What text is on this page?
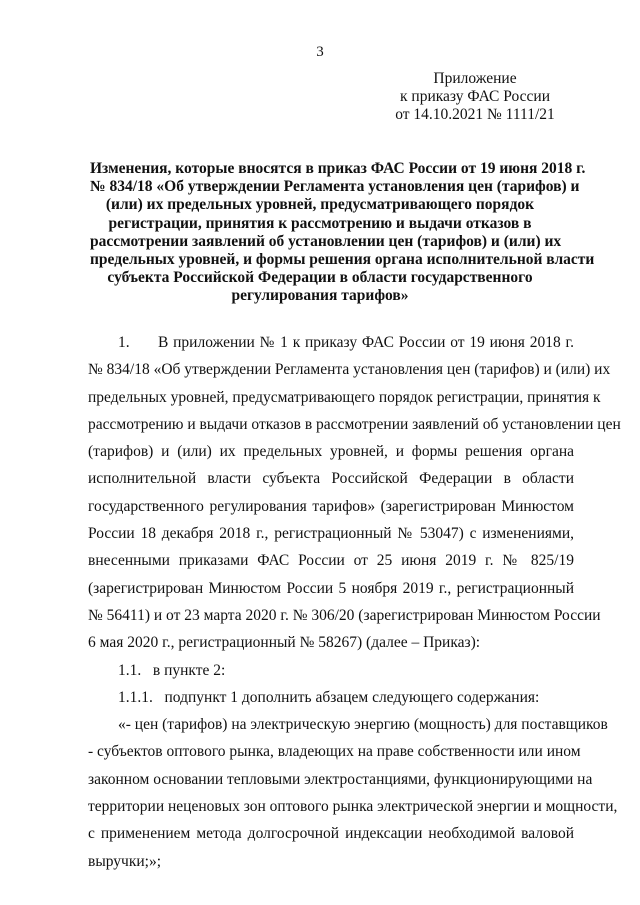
3
Приложение
к приказу ФАС России
от 14.10.2021 № 1111/21
Изменения, которые вносятся в приказ ФАС России от 19 июня 2018 г.
№ 834/18 «Об утверждении Регламента установления цен (тарифов) и
(или) их предельных уровней, предусматривающего порядок
регистрации, принятия к рассмотрению и выдачи отказов в
рассмотрении заявлений об установлении цен (тарифов) и (или) их
предельных уровней, и формы решения органа исполнительной власти
субъекта Российской Федерации в области государственного
регулирования тарифов»
1. В приложении № 1 к приказу ФАС России от 19 июня 2018 г.
№ 834/18 «Об утверждении Регламента установления цен (тарифов) и (или) их
предельных уровней, предусматривающего порядок регистрации, принятия к
рассмотрению и выдачи отказов в рассмотрении заявлений об установлении цен
(тарифов) и (или) их предельных уровней, и формы решения органа
исполнительной власти субъекта Российской Федерации в области
государственного регулирования тарифов» (зарегистрирован Минюстом
России 18 декабря 2018 г., регистрационный № 53047) с изменениями,
внесенными приказами ФАС России от 25 июня 2019 г. № 825/19
(зарегистрирован Минюстом России 5 ноября 2019 г., регистрационный
№ 56411) и от 23 марта 2020 г. № 306/20 (зарегистрирован Минюстом России
6 мая 2020 г., регистрационный № 58267) (далее – Приказ):
1.1.   в пункте 2:
1.1.1.   подпункт 1 дополнить абзацем следующего содержания:
«- цен (тарифов) на электрическую энергию (мощность) для поставщиков
- субъектов оптового рынка, владеющих на праве собственности или ином
законном основании тепловыми электростанциями, функционирующими на
территории неценовых зон оптового рынка электрической энергии и мощности,
с применением метода долгосрочной индексации необходимой валовой
выручки;»;
